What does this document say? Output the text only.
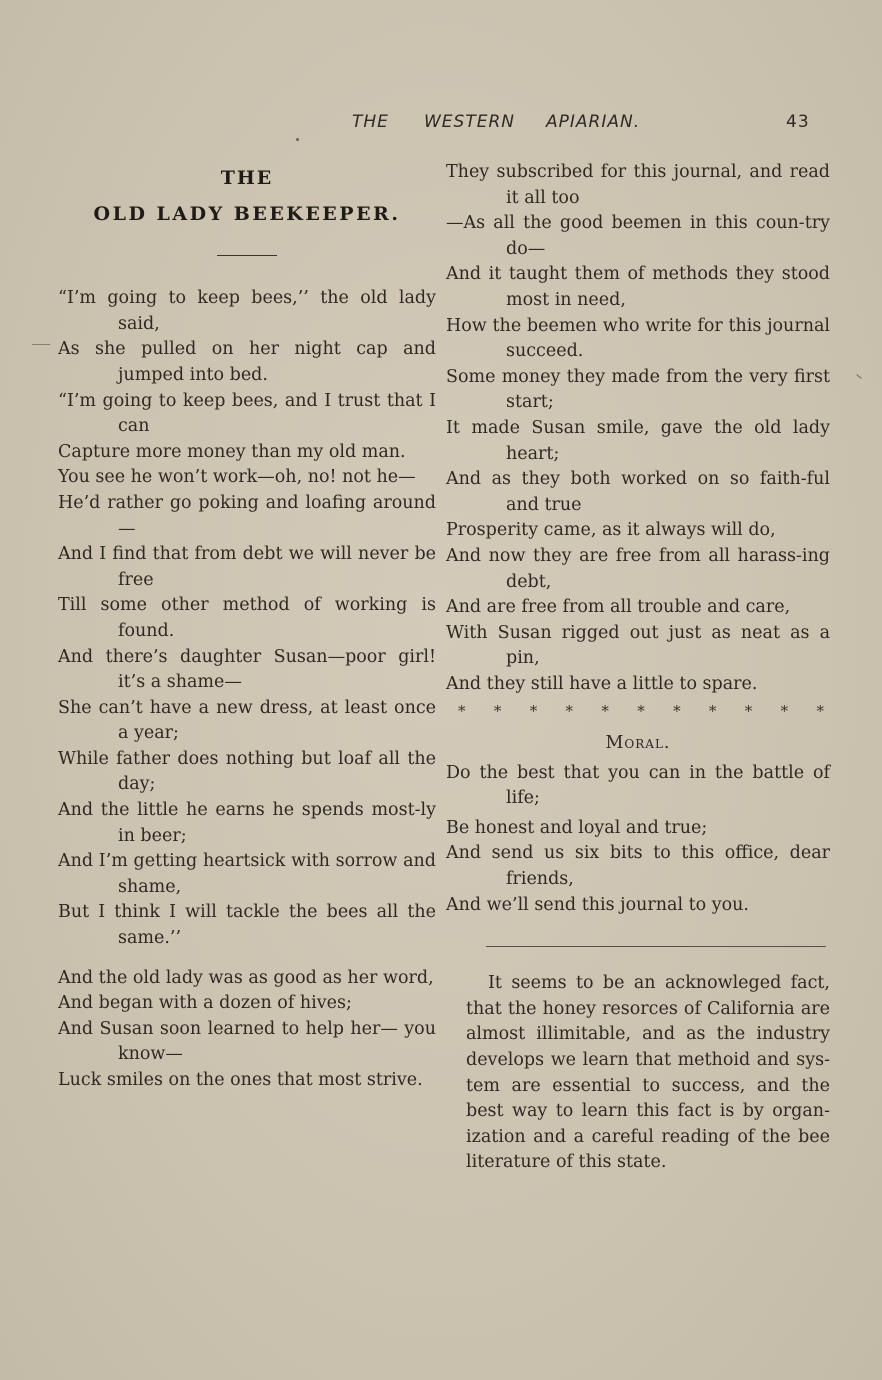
THE WESTERN APIARIAN.	43
THE
OLD LADY BEEKEEPER.

“I’m going to keep bees,’’ the old lady said,

As she pulled on her night cap and jumped into bed.

“I’m going to keep bees, and I trust that I can

Capture more money than my old man.

You see he won’t work—oh, no! not he—

He’d rather go poking and loafing around—

And I find that from debt we will never be free

Till some other method of working is found.

And there’s daughter Susan—poor girl! it’s a shame—

She can’t have a new dress, at least once a year;

While father does nothing but loaf all the day;

And the little he earns he spends most-ly in beer;

And I’m getting heartsick with sorrow and shame,

But I think I will tackle the bees all the same.’’

And the old lady was as good as her word,

And began with a dozen of hives;

And Susan soon learned to help her— you know—

Luck smiles on the ones that most strive.

They subscribed for this journal, and read it all too

—As all the good beemen in this coun-try do—

And it taught them of methods they stood most in need,

How the beemen who write for this journal succeed.

Some money they made from the very first start;

It made Susan smile, gave the old lady heart;

And as they both worked on so faith-ful and true

Prosperity came, as it always will do,

And now they are free from all harass-ing debt,

And are free from all trouble and care,

With Susan rigged out just as neat as a pin,

And they still have a little to spare.

* * * * * * * * * * *
Moral.

Do the best that you can in the battle of life;

Be honest and loyal and true;

And send us six bits to this office, dear friends,

And we’ll send this journal to you.

It seems to be an acknowleged fact, that the honey resorces of California are almost illimitable, and as the industry develops we learn that methoid and sys-tem are essential to success, and the best way to learn this fact is by organ-ization and a careful reading of the bee literature of this state.
